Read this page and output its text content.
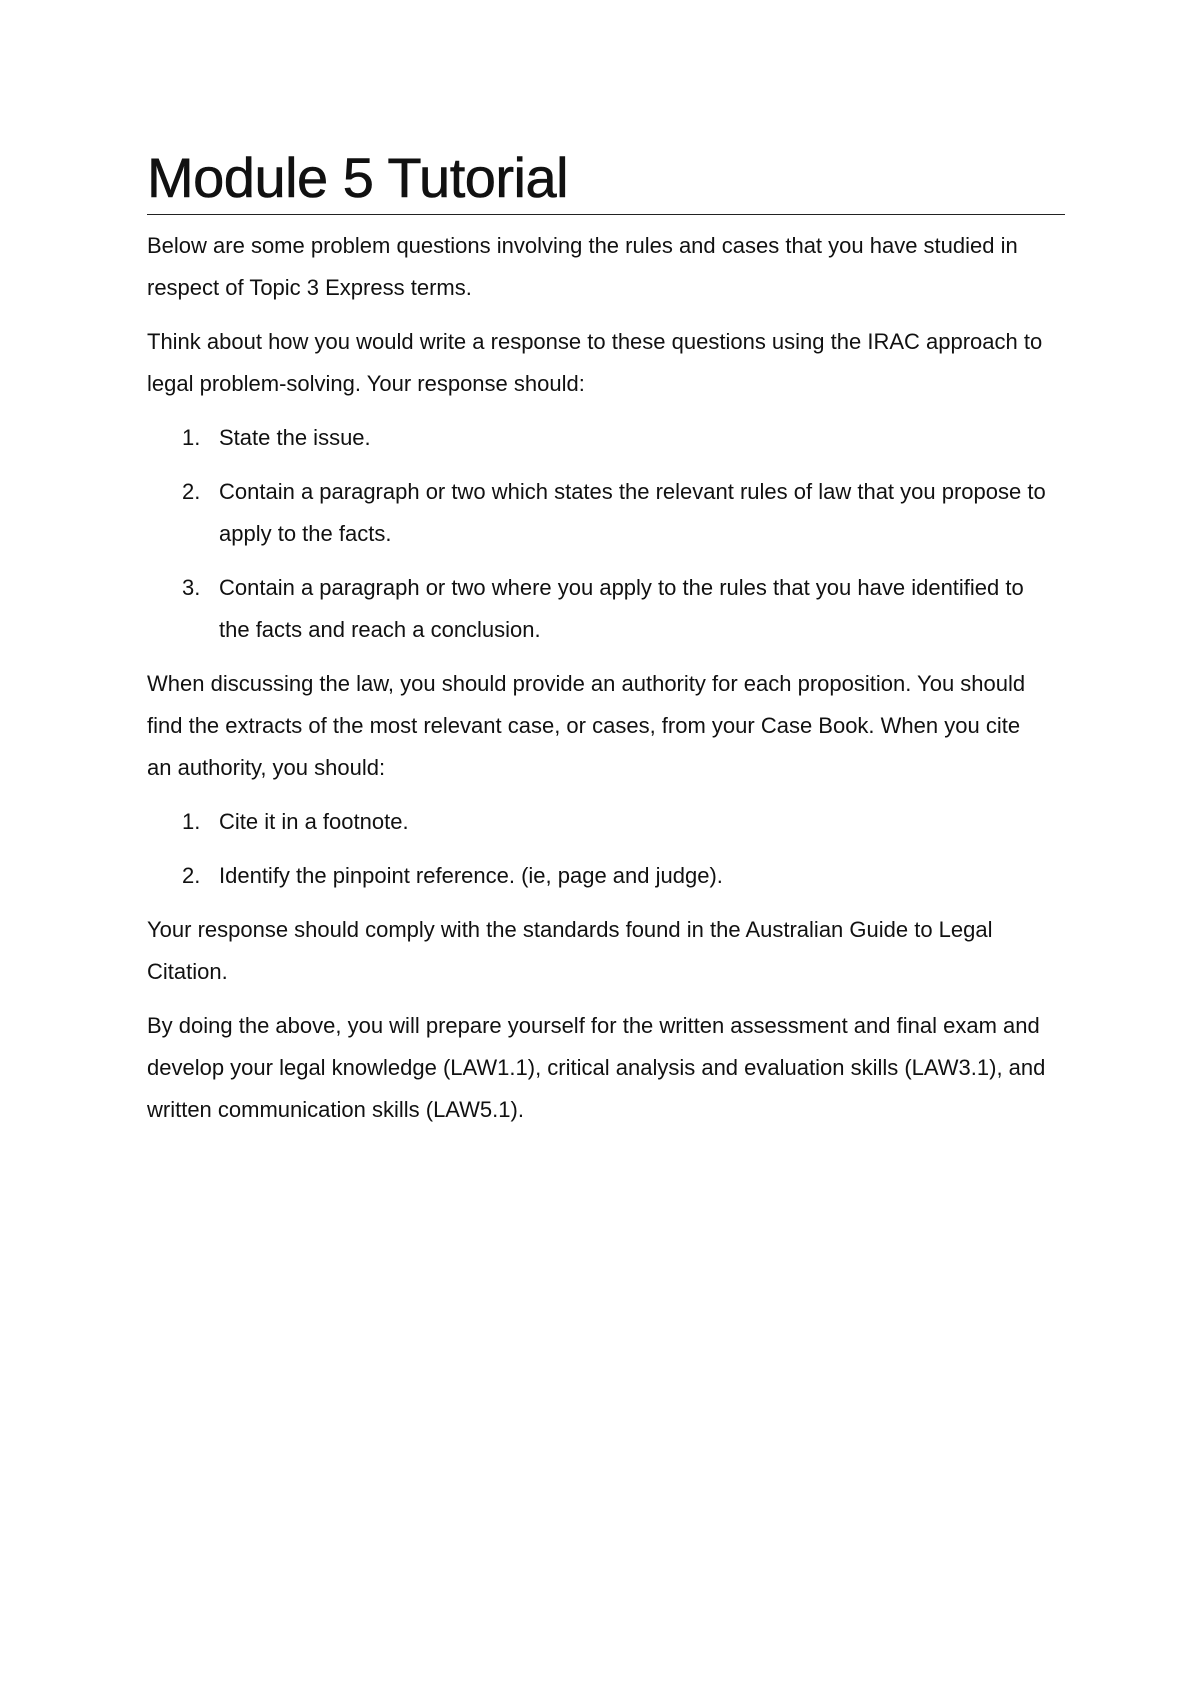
Module 5 Tutorial

Below are some problem questions involving the rules and cases that you have studied in respect of Topic 3 Express terms.

Think about how you would write a response to these questions using the IRAC approach to legal problem-solving. Your response should:

1. State the issue.
2. Contain a paragraph or two which states the relevant rules of law that you propose to apply to the facts.
3. Contain a paragraph or two where you apply to the rules that you have identified to the facts and reach a conclusion.

When discussing the law, you should provide an authority for each proposition. You should find the extracts of the most relevant case, or cases, from your Case Book. When you cite an authority, you should:

1. Cite it in a footnote.
2. Identify the pinpoint reference. (ie, page and judge).

Your response should comply with the standards found in the Australian Guide to Legal Citation.

By doing the above, you will prepare yourself for the written assessment and final exam and develop your legal knowledge (LAW1.1), critical analysis and evaluation skills (LAW3.1), and written communication skills (LAW5.1).
